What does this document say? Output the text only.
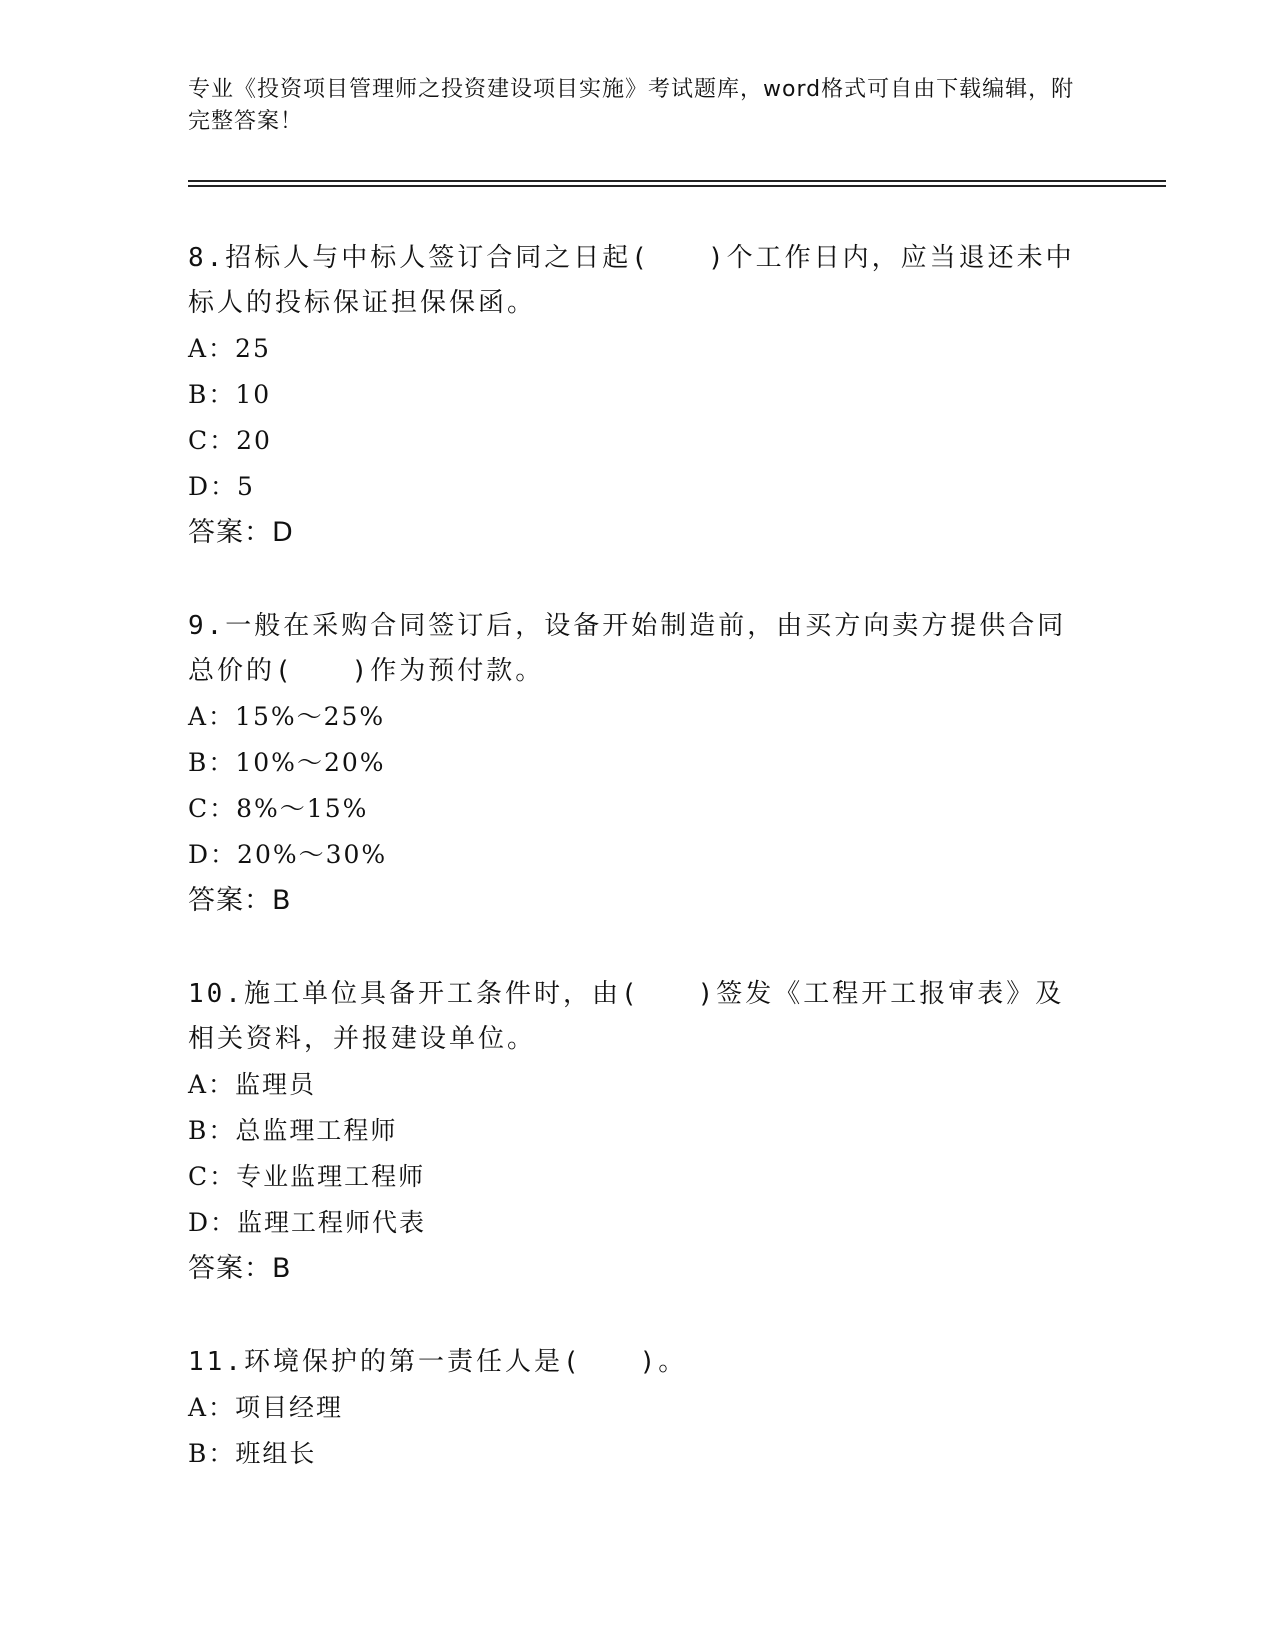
专业《投资项目管理师之投资建设项目实施》考试题库，word格式可自由下载编辑，附完整答案！

8.招标人与中标人签订合同之日起(　　)个工作日内，应当退还未中标人的投标保证担保保函。

A：25
B：10
C：20
D：5
答案：D

9.一般在采购合同签订后，设备开始制造前，由买方向卖方提供合同总价的(　　)作为预付款。

A：15%～25%
B：10%～20%
C：8%～15%
D：20%～30%
答案：B

10.施工单位具备开工条件时，由(　　)签发《工程开工报审表》及相关资料，并报建设单位。

A：监理员
B：总监理工程师
C：专业监理工程师
D：监理工程师代表
答案：B

11.环境保护的第一责任人是(　　)。

A：项目经理
B：班组长
